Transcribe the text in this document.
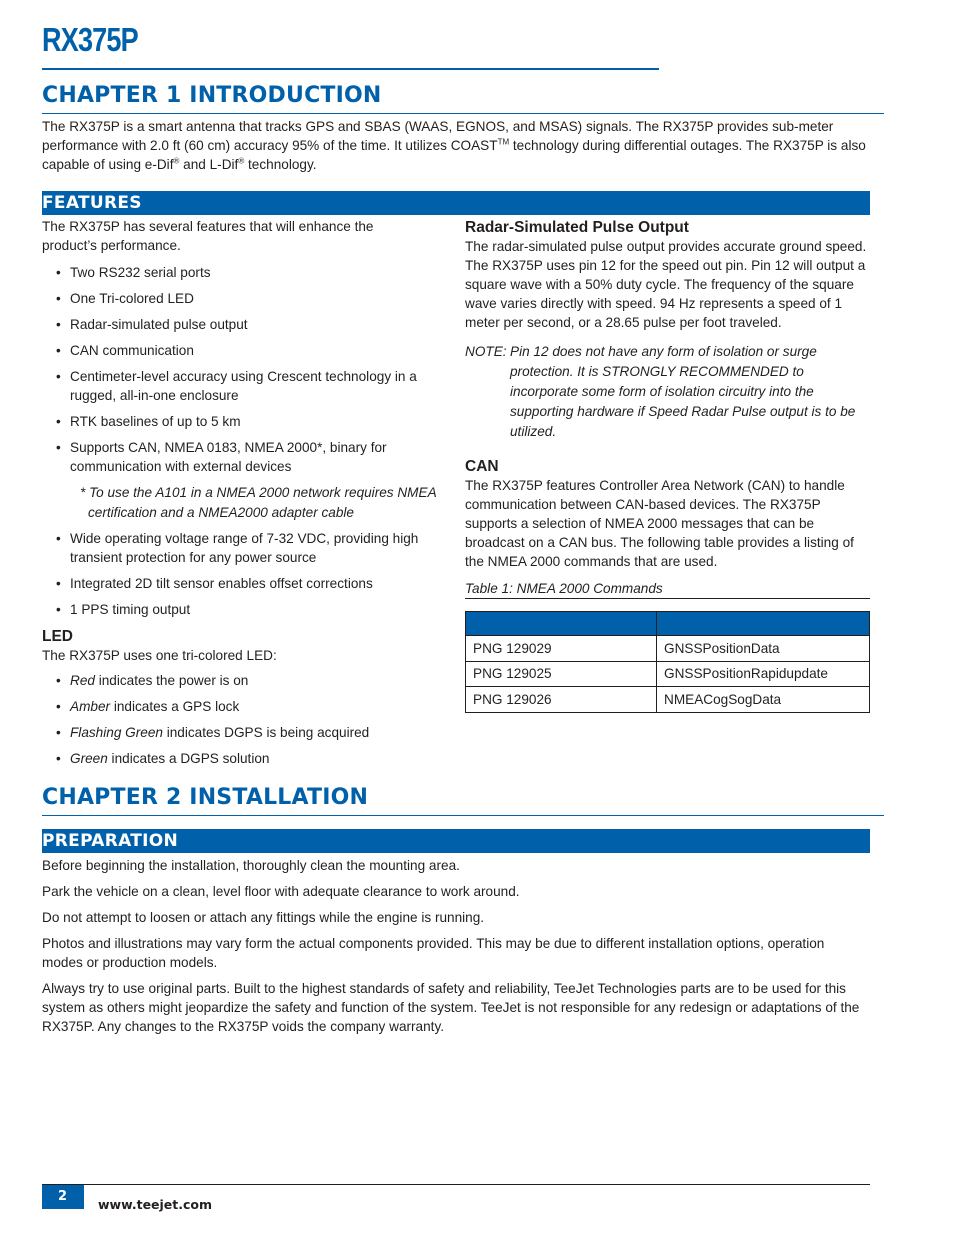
RX375P
CHAPTER 1 INTRODUCTION
The RX375P is a smart antenna that tracks GPS and SBAS (WAAS, EGNOS, and MSAS) signals. The RX375P provides sub-meter performance with 2.0 ft (60 cm) accuracy 95% of the time. It utilizes COAST™ technology during differential outages. The RX375P is also capable of using e-Dif® and L-Dif® technology.
FEATURES
The RX375P has several features that will enhance the product’s performance.
• Two RS232 serial ports
• One Tri-colored LED
• Radar-simulated pulse output
• CAN communication
• Centimeter-level accuracy using Crescent technology in a rugged, all-in-one enclosure
• RTK baselines of up to 5 km
• Supports CAN, NMEA 0183, NMEA 2000*, binary for communication with external devices
* To use the A101 in a NMEA 2000 network requires NMEA certification and a NMEA2000 adapter cable
• Wide operating voltage range of 7-32 VDC, providing high transient protection for any power source
• Integrated 2D tilt sensor enables offset corrections
• 1 PPS timing output
LED
The RX375P uses one tri-colored LED:
• Red indicates the power is on
• Amber indicates a GPS lock
• Flashing Green indicates DGPS is being acquired
• Green indicates a DGPS solution
Radar-Simulated Pulse Output
The radar-simulated pulse output provides accurate ground speed. The RX375P uses pin 12 for the speed out pin. Pin 12 will output a square wave with a 50% duty cycle. The frequency of the square wave varies directly with speed. 94 Hz represents a speed of 1 meter per second, or a 28.65 pulse per foot traveled.
NOTE: Pin 12 does not have any form of isolation or surge protection. It is STRONGLY RECOMMENDED to incorporate some form of isolation circuitry into the supporting hardware if Speed Radar Pulse output is to be utilized.
CAN
The RX375P features Controller Area Network (CAN) to handle communication between CAN-based devices. The RX375P supports a selection of NMEA 2000 messages that can be broadcast on a CAN bus. The following table provides a listing of the NMEA 2000 commands that are used.
Table 1: NMEA 2000 Commands

PNG 129029	GNSSPositionData
PNG 129025	GNSSPositionRapidupdate
PNG 129026	NMEACogSogData
CHAPTER 2 INSTALLATION
PREPARATION
Before beginning the installation, thoroughly clean the mounting area.
Park the vehicle on a clean, level floor with adequate clearance to work around.
Do not attempt to loosen or attach any fittings while the engine is running.
Photos and illustrations may vary form the actual components provided. This may be due to different installation options, operation modes or production models.
Always try to use original parts. Built to the highest standards of safety and reliability, TeeJet Technologies parts are to be used for this system as others might jeopardize the safety and function of the system. TeeJet is not responsible for any redesign or adaptations of the RX375P. Any changes to the RX375P voids the company warranty.
2
www.teejet.com
